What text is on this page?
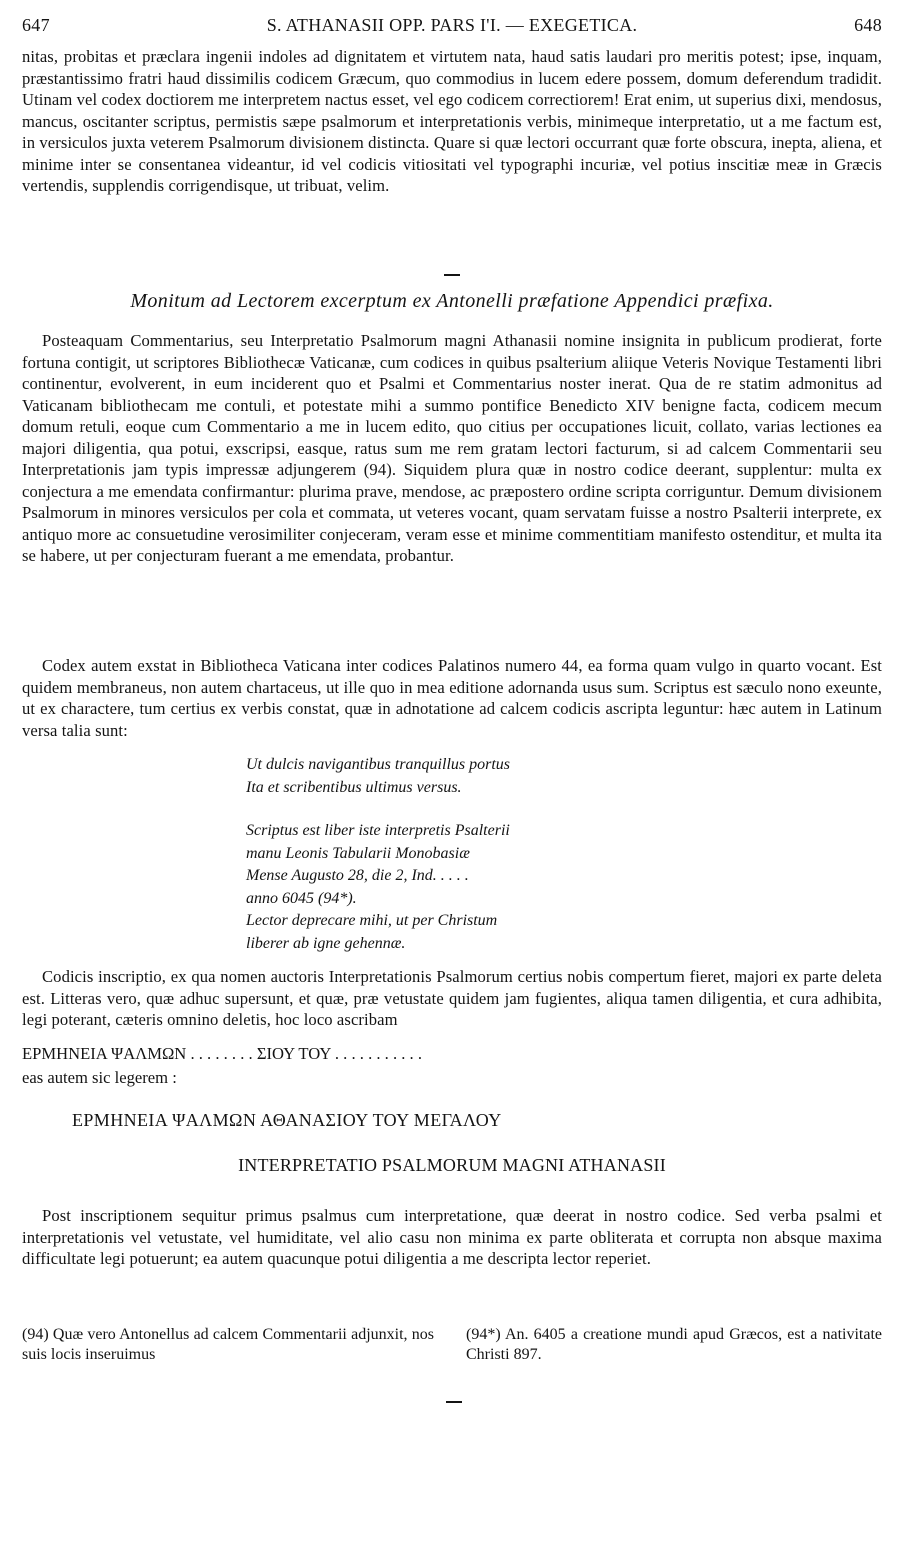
647	S. ATHANASII OPP. PARS I'I. — EXEGETICA.	648

nitas, probitas et præclara ingenii indoles ad dignitatem et virtutem nata, haud satis laudari pro meritis potest; ipse, inquam, præstantissimo fratri haud dissimilis codicem Græcum, quo commodius in lucem edere possem, domum deferendum tradidit. Utinam vel codex doctiorem me interpretem nactus esset, vel ego codicem correctiorem! Erat enim, ut superius dixi, mendosus, mancus, oscitanter scriptus, permistis sæpe psalmorum et interpretationis verbis, minimeque interpretatio, ut a me factum est, in versiculos juxta veterem Psalmorum divisionem distincta. Quare si quæ lectori occurrant quæ forte obscura, inepta, aliena, et minime inter se consentanea videantur, id vel codicis vitiositati vel typographi incuriæ, vel potius inscitiæ meæ in Græcis vertendis, supplendis corrigendisque, ut tribuat, velim.

Monitum ad Lectorem excerptum ex Antonelli præfatione Appendici præfixa.

Posteaquam Commentarius, seu Interpretatio Psalmorum magni Athanasii nomine insignita in publicum prodierat, forte fortuna contigit, ut scriptores Bibliothecæ Vaticanæ, cum codices in quibus psalterium aliique Veteris Novique Testamenti libri continentur, evolverent, in eum inciderent quo et Psalmi et Commentarius noster inerat. Qua de re statim admonitus ad Vaticanam bibliothecam me contuli, et potestate mihi a summo pontifice Benedicto XIV benigne facta, codicem mecum domum retuli, eoque cum Commentario a me in lucem edito, quo citius per occupationes licuit, collato, varias lectiones ea majori diligentia, qua potui, exscripsi, easque, ratus sum me rem gratam lectori facturum, si ad calcem Commentarii seu Interpretationis jam typis impressæ adjungerem (94). Siquidem plura quæ in nostro codice deerant, supplentur: multa ex conjectura a me emendata confirmantur: plurima prave, mendose, ac præpostero ordine scripta corriguntur. Demum divisionem Psalmorum in minores versiculos per cola et commata, ut veteres vocant, quam servatam fuisse a nostro Psalterii interprete, ex antiquo more ac consuetudine verosimiliter conjeceram, veram esse et minime commentitiam manifesto ostenditur, et multa ita se habere, ut per conjecturam fuerant a me emendata, probantur.

Codex autem exstat in Bibliotheca Vaticana inter codices Palatinos numero 44, ea forma quam vulgo in quarto vocant. Est quidem membraneus, non autem chartaceus, ut ille quo in mea editione adornanda usus sum. Scriptus est sæculo nono exeunte, ut ex charactere, tum certius ex verbis constat, quæ in adnotatione ad calcem codicis ascripta leguntur: hæc autem in Latinum versa talia sunt:

Ut dulcis navigantibus tranquillus portus
Ita et scribentibus ultimus versus.
Scriptus est liber iste interpretis Psalterii
manu Leonis Tabularii Monobasiæ
Mense Augusto 28, die 2, Ind. . . . .
anno 6045 (94*).
Lector deprecare mihi, ut per Christum
liberer ab igne gehennæ.

Codicis inscriptio, ex qua nomen auctoris Interpretationis Psalmorum certius nobis compertum fieret, majori ex parte deleta est. Litteras vero, quæ adhuc supersunt, et quæ, præ vetustate quidem jam fugientes, aliqua tamen diligentia, et cura adhibita, legi poterant, cæteris omnino deletis, hoc loco ascribam

ΕΡΜΗΝΕΙΑ ΨΑΛΜΩΝ . . . . . . . . ΣΙΟΥ ΤΟΥ . . . . . . . . . . .
eas autem sic legerem :
ΕΡΜΗΝΕΙΑ ΨΑΛΜΩΝ ΑΘΑΝΑΣΙΟΥ ΤΟΥ ΜΕΓΑΛΟΥ
INTERPRETATIO PSALMORUM MAGNI ATHANASII

Post inscriptionem sequitur primus psalmus cum interpretatione, quæ deerat in nostro codice. Sed verba psalmi et interpretationis vel vetustate, vel humiditate, vel alio casu non minima ex parte obliterata et corrupta non absque maxima difficultate legi potuerunt; ea autem quacunque potui diligentia a me descripta lector reperiet.

(94) Quæ vero Antonellus ad calcem Commentarii adjunxit, nos suis locis inseruimus
(94*) An. 6405 a creatione mundi apud Græcos, est a nativitate Christi 897.
